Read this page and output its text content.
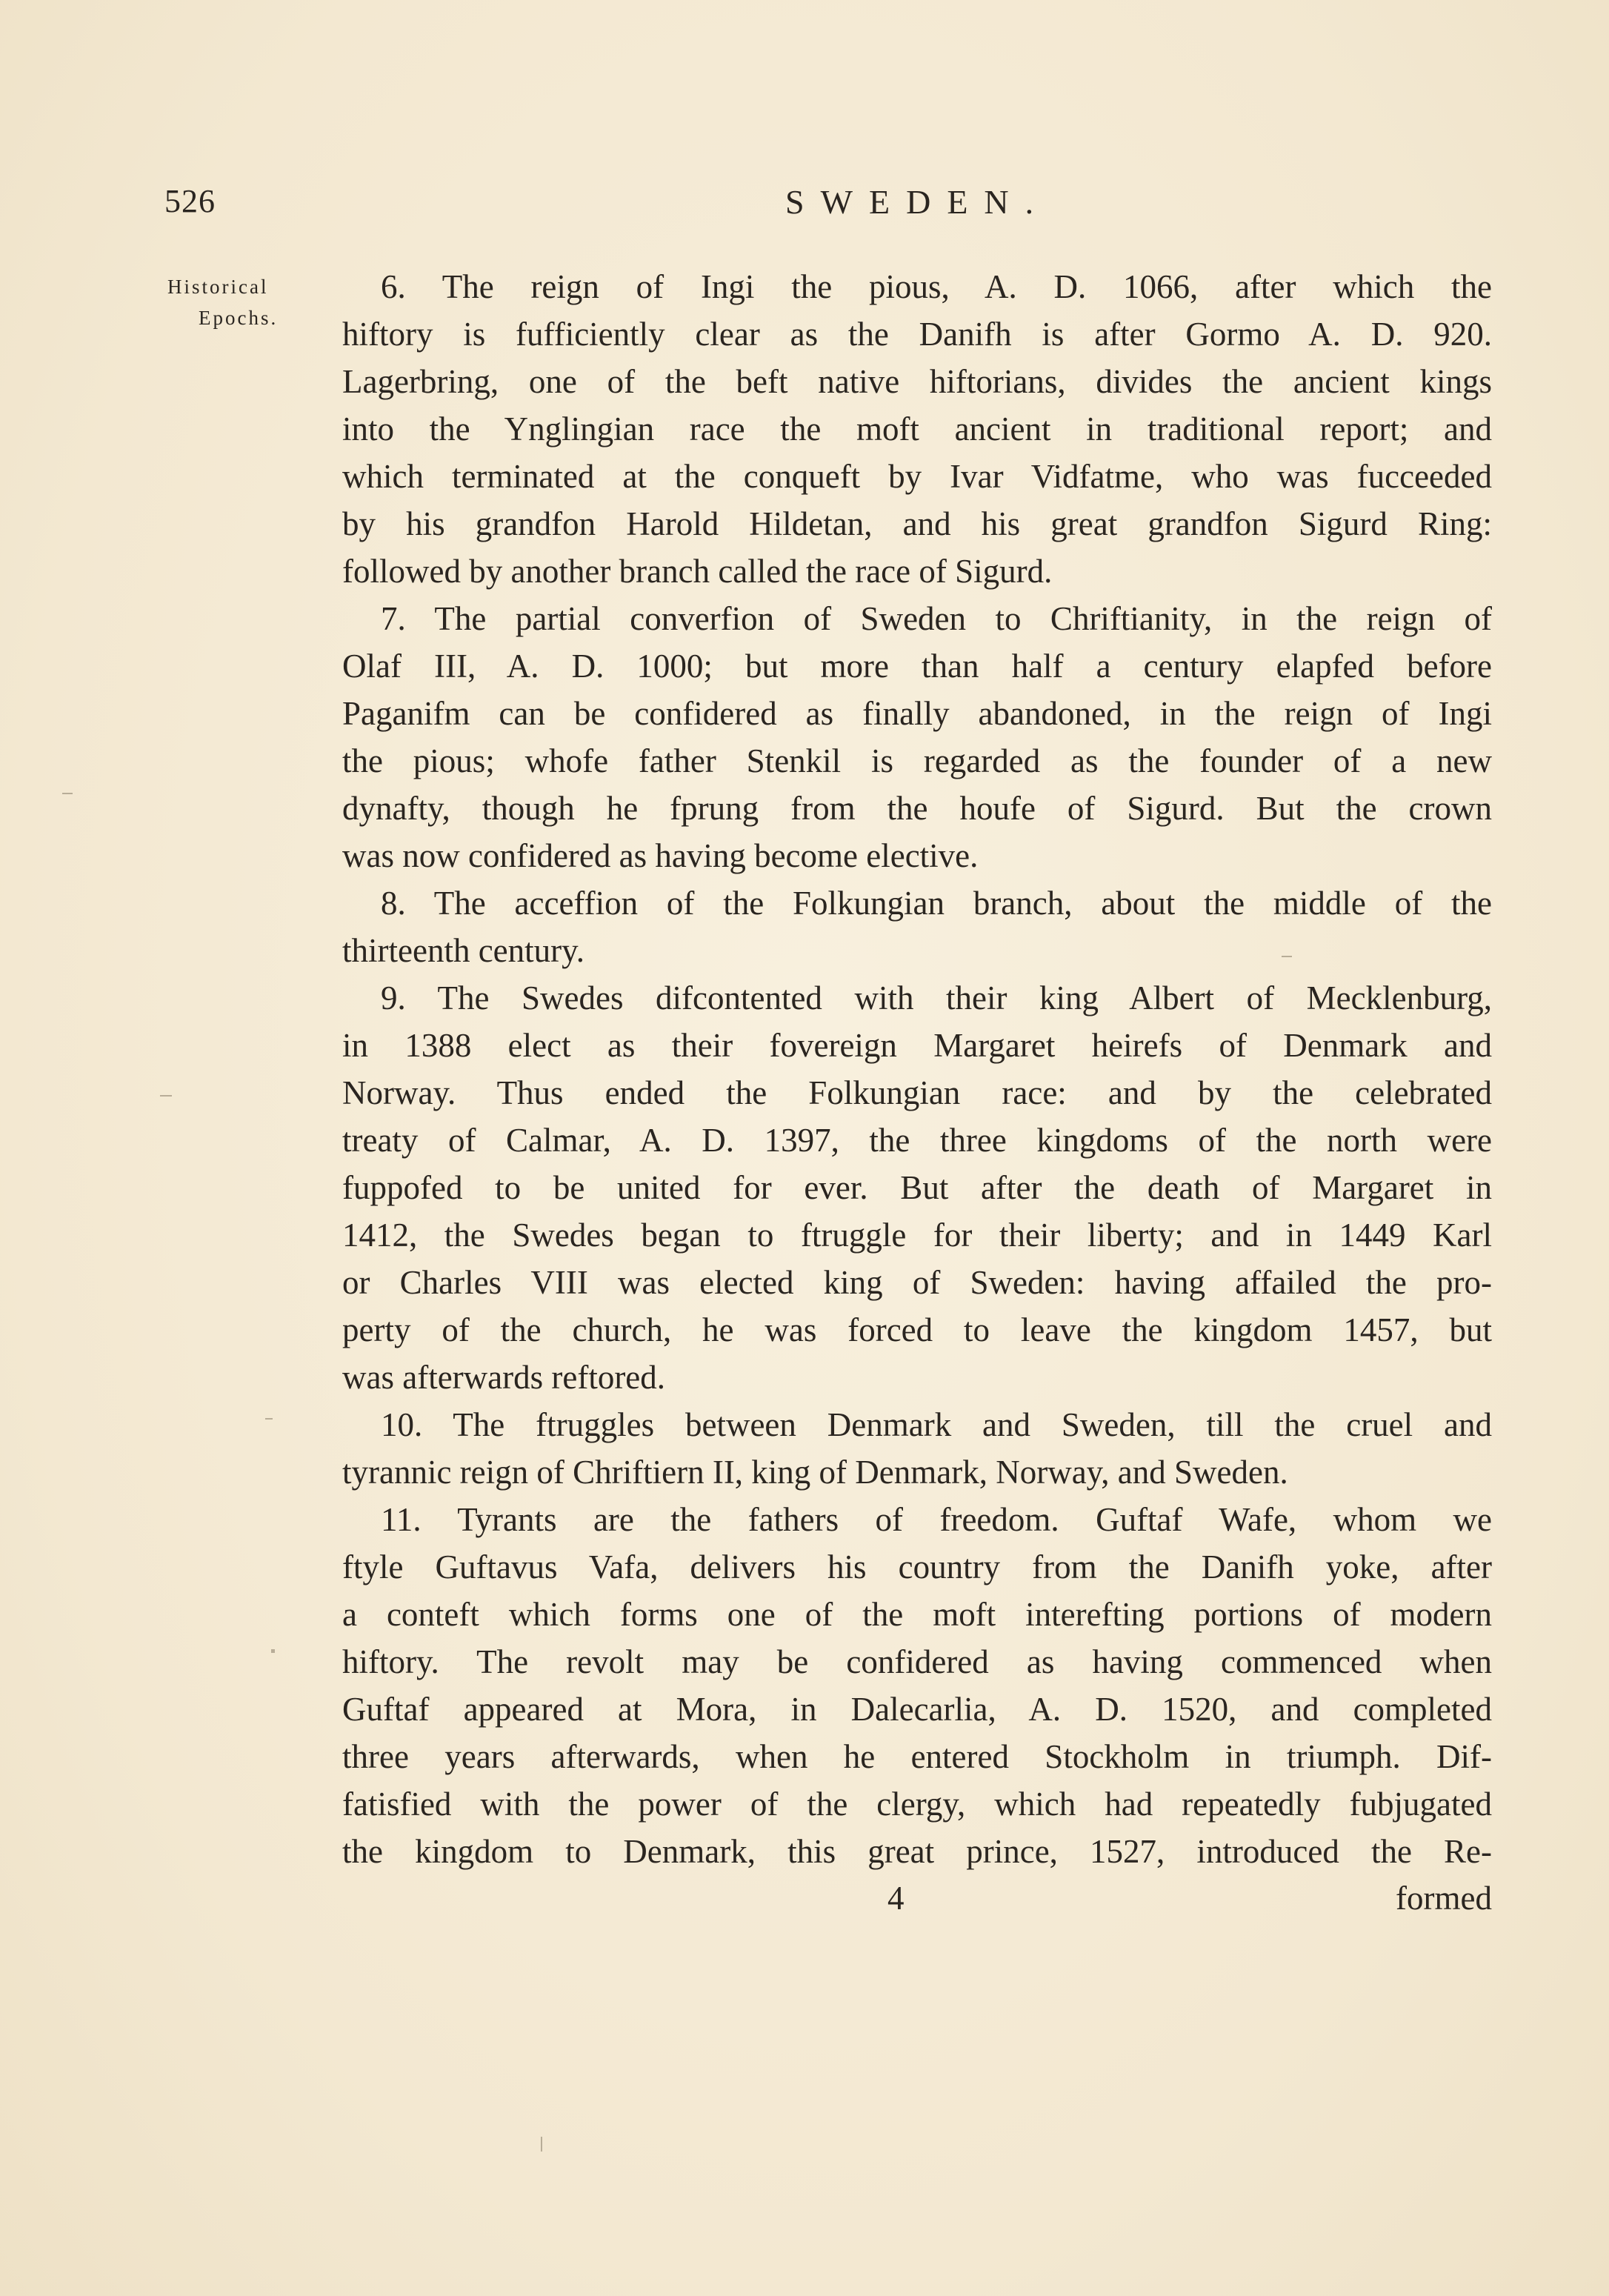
526	SWEDEN.
Historical
Epochs.
6. The reign of Ingi the pious, A. D. 1066, after which the
hiftory is fufficiently clear as the Danifh is after Gormo A. D. 920.
Lagerbring, one of the beft native hiftorians, divides the ancient kings
into the Ynglingian race the moft ancient in traditional report; and
which terminated at the conqueft by Ivar Vidfatme, who was fucceeded
by his grandfon Harold Hildetan, and his great grandfon Sigurd Ring:
followed by another branch called the race of Sigurd.
7. The partial converfion of Sweden to Chriftianity, in the reign of
Olaf III, A. D. 1000; but more than half a century elapfed before
Paganifm can be confidered as finally abandoned, in the reign of Ingi
the pious; whofe father Stenkil is regarded as the founder of a new
dynafty, though he fprung from the houfe of Sigurd. But the crown
was now confidered as having become elective.
8. The acceffion of the Folkungian branch, about the middle of the
thirteenth century.
9. The Swedes difcontented with their king Albert of Mecklenburg,
in 1388 elect as their fovereign Margaret heirefs of Denmark and
Norway. Thus ended the Folkungian race: and by the celebrated
treaty of Calmar, A. D. 1397, the three kingdoms of the north were
fuppofed to be united for ever. But after the death of Margaret in
1412, the Swedes began to ftruggle for their liberty; and in 1449 Karl
or Charles VIII was elected king of Sweden: having affailed the pro-
perty of the church, he was forced to leave the kingdom 1457, but
was afterwards reftored.
10. The ftruggles between Denmark and Sweden, till the cruel and
tyrannic reign of Chriftiern II, king of Denmark, Norway, and Sweden.
11. Tyrants are the fathers of freedom. Guftaf Wafe, whom we
ftyle Guftavus Vafa, delivers his country from the Danifh yoke, after
a conteft which forms one of the moft interefting portions of modern
hiftory. The revolt may be confidered as having commenced when
Guftaf appeared at Mora, in Dalecarlia, A. D. 1520, and completed
three years afterwards, when he entered Stockholm in triumph. Dif-
fatisfied with the power of the clergy, which had repeatedly fubjugated
the kingdom to Denmark, this great prince, 1527, introduced the Re-
4	formed
